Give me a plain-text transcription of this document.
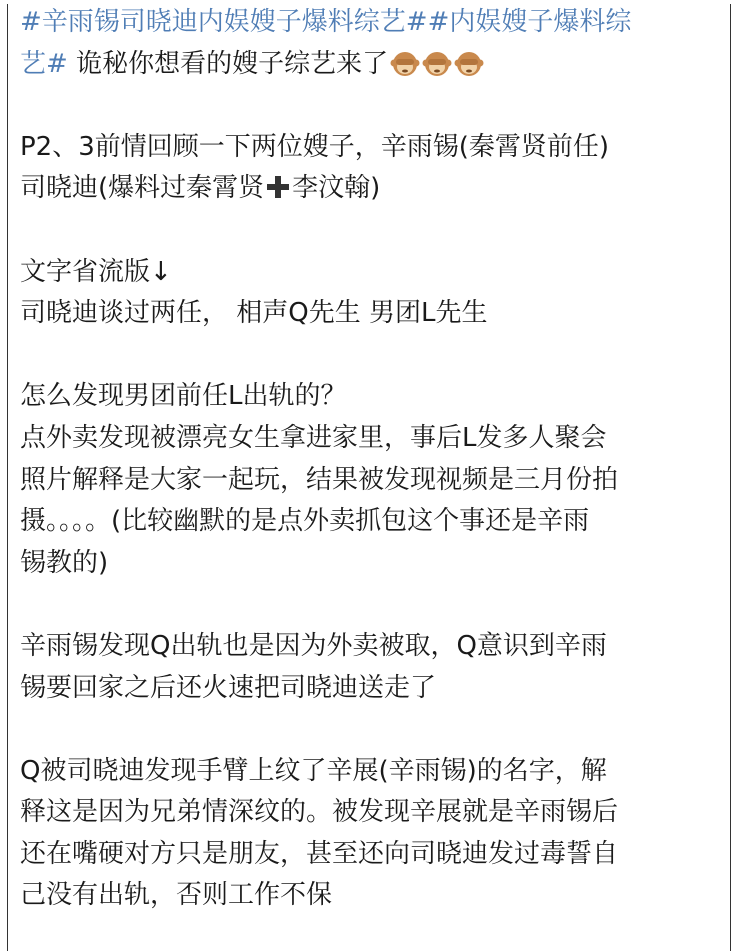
#辛雨锡司晓迪内娱嫂子爆料综艺##内娱嫂子爆料综
艺# 诡秘你想看的嫂子综艺来了
P2、3前情回顾一下两位嫂子，辛雨锡(秦霄贤前任)
司晓迪(爆料过秦霄贤 李汶翰)
文字省流版↓
司晓迪谈过两任， 相声Q先生 男团L先生
怎么发现男团前任L出轨的？
点外卖发现被漂亮女生拿进家里，事后L发多人聚会
照片解释是大家一起玩，结果被发现视频是三月份拍
摄。。。。(比较幽默的是点外卖抓包这个事还是辛雨
锡教的)
辛雨锡发现Q出轨也是因为外卖被取，Q意识到辛雨
锡要回家之后还火速把司晓迪送走了
Q被司晓迪发现手臂上纹了辛展(辛雨锡)的名字，解
释这是因为兄弟情深纹的。被发现辛展就是辛雨锡后
还在嘴硬对方只是朋友，甚至还向司晓迪发过毒誓自
己没有出轨，否则工作不保
